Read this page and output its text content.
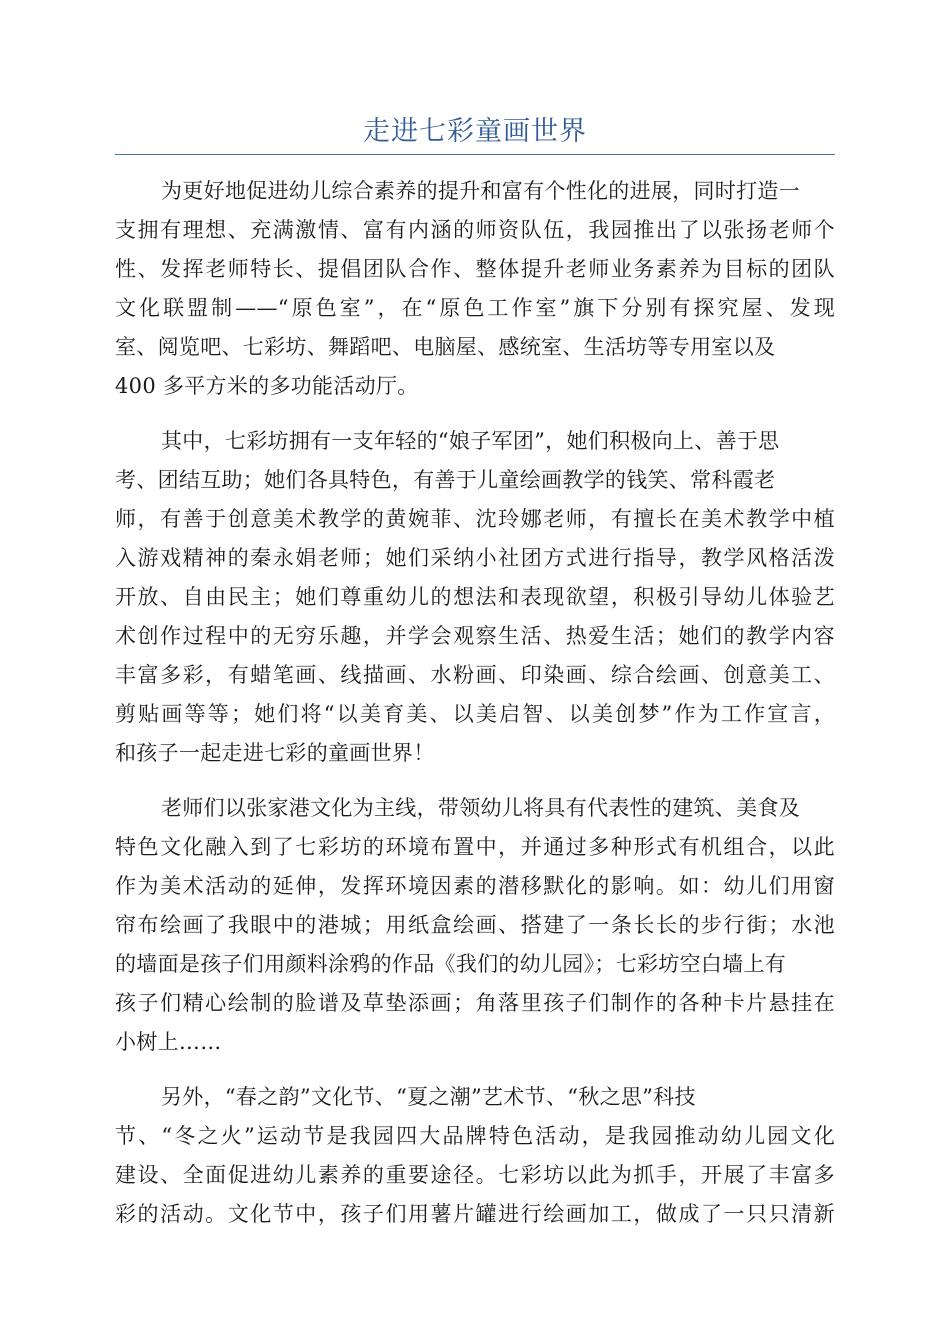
走进七彩童画世界

为更好地促进幼儿综合素养的提升和富有个性化的进展，同时打造一
支拥有理想、充满激情、富有内涵的师资队伍，我园推出了以张扬老师个
性、发挥老师特长、提倡团队合作、整体提升老师业务素养为目标的团队
文化联盟制——“原色室”，在“原色工作室”旗下分别有探究屋、发现
室、阅览吧、七彩坊、舞蹈吧、电脑屋、感统室、生活坊等专用室以及
400 多平方米的多功能活动厅。

其中，七彩坊拥有一支年轻的“娘子军团”，她们积极向上、善于思
考、团结互助；她们各具特色，有善于儿童绘画教学的钱笑、常科霞老
师，有善于创意美术教学的黄婉菲、沈玲娜老师，有擅长在美术教学中植
入游戏精神的秦永娟老师；她们采纳小社团方式进行指导，教学风格活泼
开放、自由民主；她们尊重幼儿的想法和表现欲望，积极引导幼儿体验艺
术创作过程中的无穷乐趣，并学会观察生活、热爱生活；她们的教学内容
丰富多彩，有蜡笔画、线描画、水粉画、印染画、综合绘画、创意美工、
剪贴画等等；她们将“以美育美、以美启智、以美创梦”作为工作宣言，
和孩子一起走进七彩的童画世界！

老师们以张家港文化为主线，带领幼儿将具有代表性的建筑、美食及
特色文化融入到了七彩坊的环境布置中，并通过多种形式有机组合，以此
作为美术活动的延伸，发挥环境因素的潜移默化的影响。如：幼儿们用窗
帘布绘画了我眼中的港城；用纸盒绘画、搭建了一条长长的步行街；水池
的墙面是孩子们用颜料涂鸦的作品《我们的幼儿园》；七彩坊空白墙上有
孩子们精心绘制的脸谱及草垫添画；角落里孩子们制作的各种卡片悬挂在
小树上……

另外，“春之韵”文化节、“夏之潮”艺术节、“秋之思”科技
节、“冬之火”运动节是我园四大品牌特色活动，是我园推动幼儿园文化
建设、全面促进幼儿素养的重要途径。七彩坊以此为抓手，开展了丰富多
彩的活动。文化节中，孩子们用薯片罐进行绘画加工，做成了一只只清新
